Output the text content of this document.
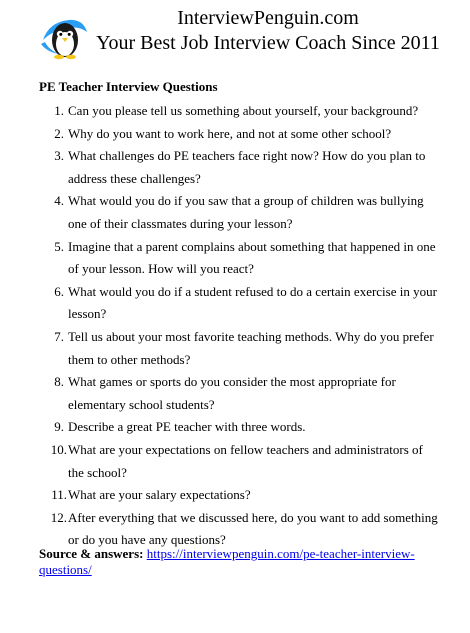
InterviewPenguin.com
Your Best Job Interview Coach Since 2011
PE Teacher Interview Questions
1. Can you please tell us something about yourself, your background?
2. Why do you want to work here, and not at some other school?
3. What challenges do PE teachers face right now? How do you plan to address these challenges?
4. What would you do if you saw that a group of children was bullying one of their classmates during your lesson?
5. Imagine that a parent complains about something that happened in one of your lesson. How will you react?
6. What would you do if a student refused to do a certain exercise in your lesson?
7. Tell us about your most favorite teaching methods. Why do you prefer them to other methods?
8. What games or sports do you consider the most appropriate for elementary school students?
9. Describe a great PE teacher with three words.
10. What are your expectations on fellow teachers and administrators of the school?
11. What are your salary expectations?
12. After everything that we discussed here, do you want to add something or do you have any questions?
Source & answers: https://interviewpenguin.com/pe-teacher-interview-questions/
